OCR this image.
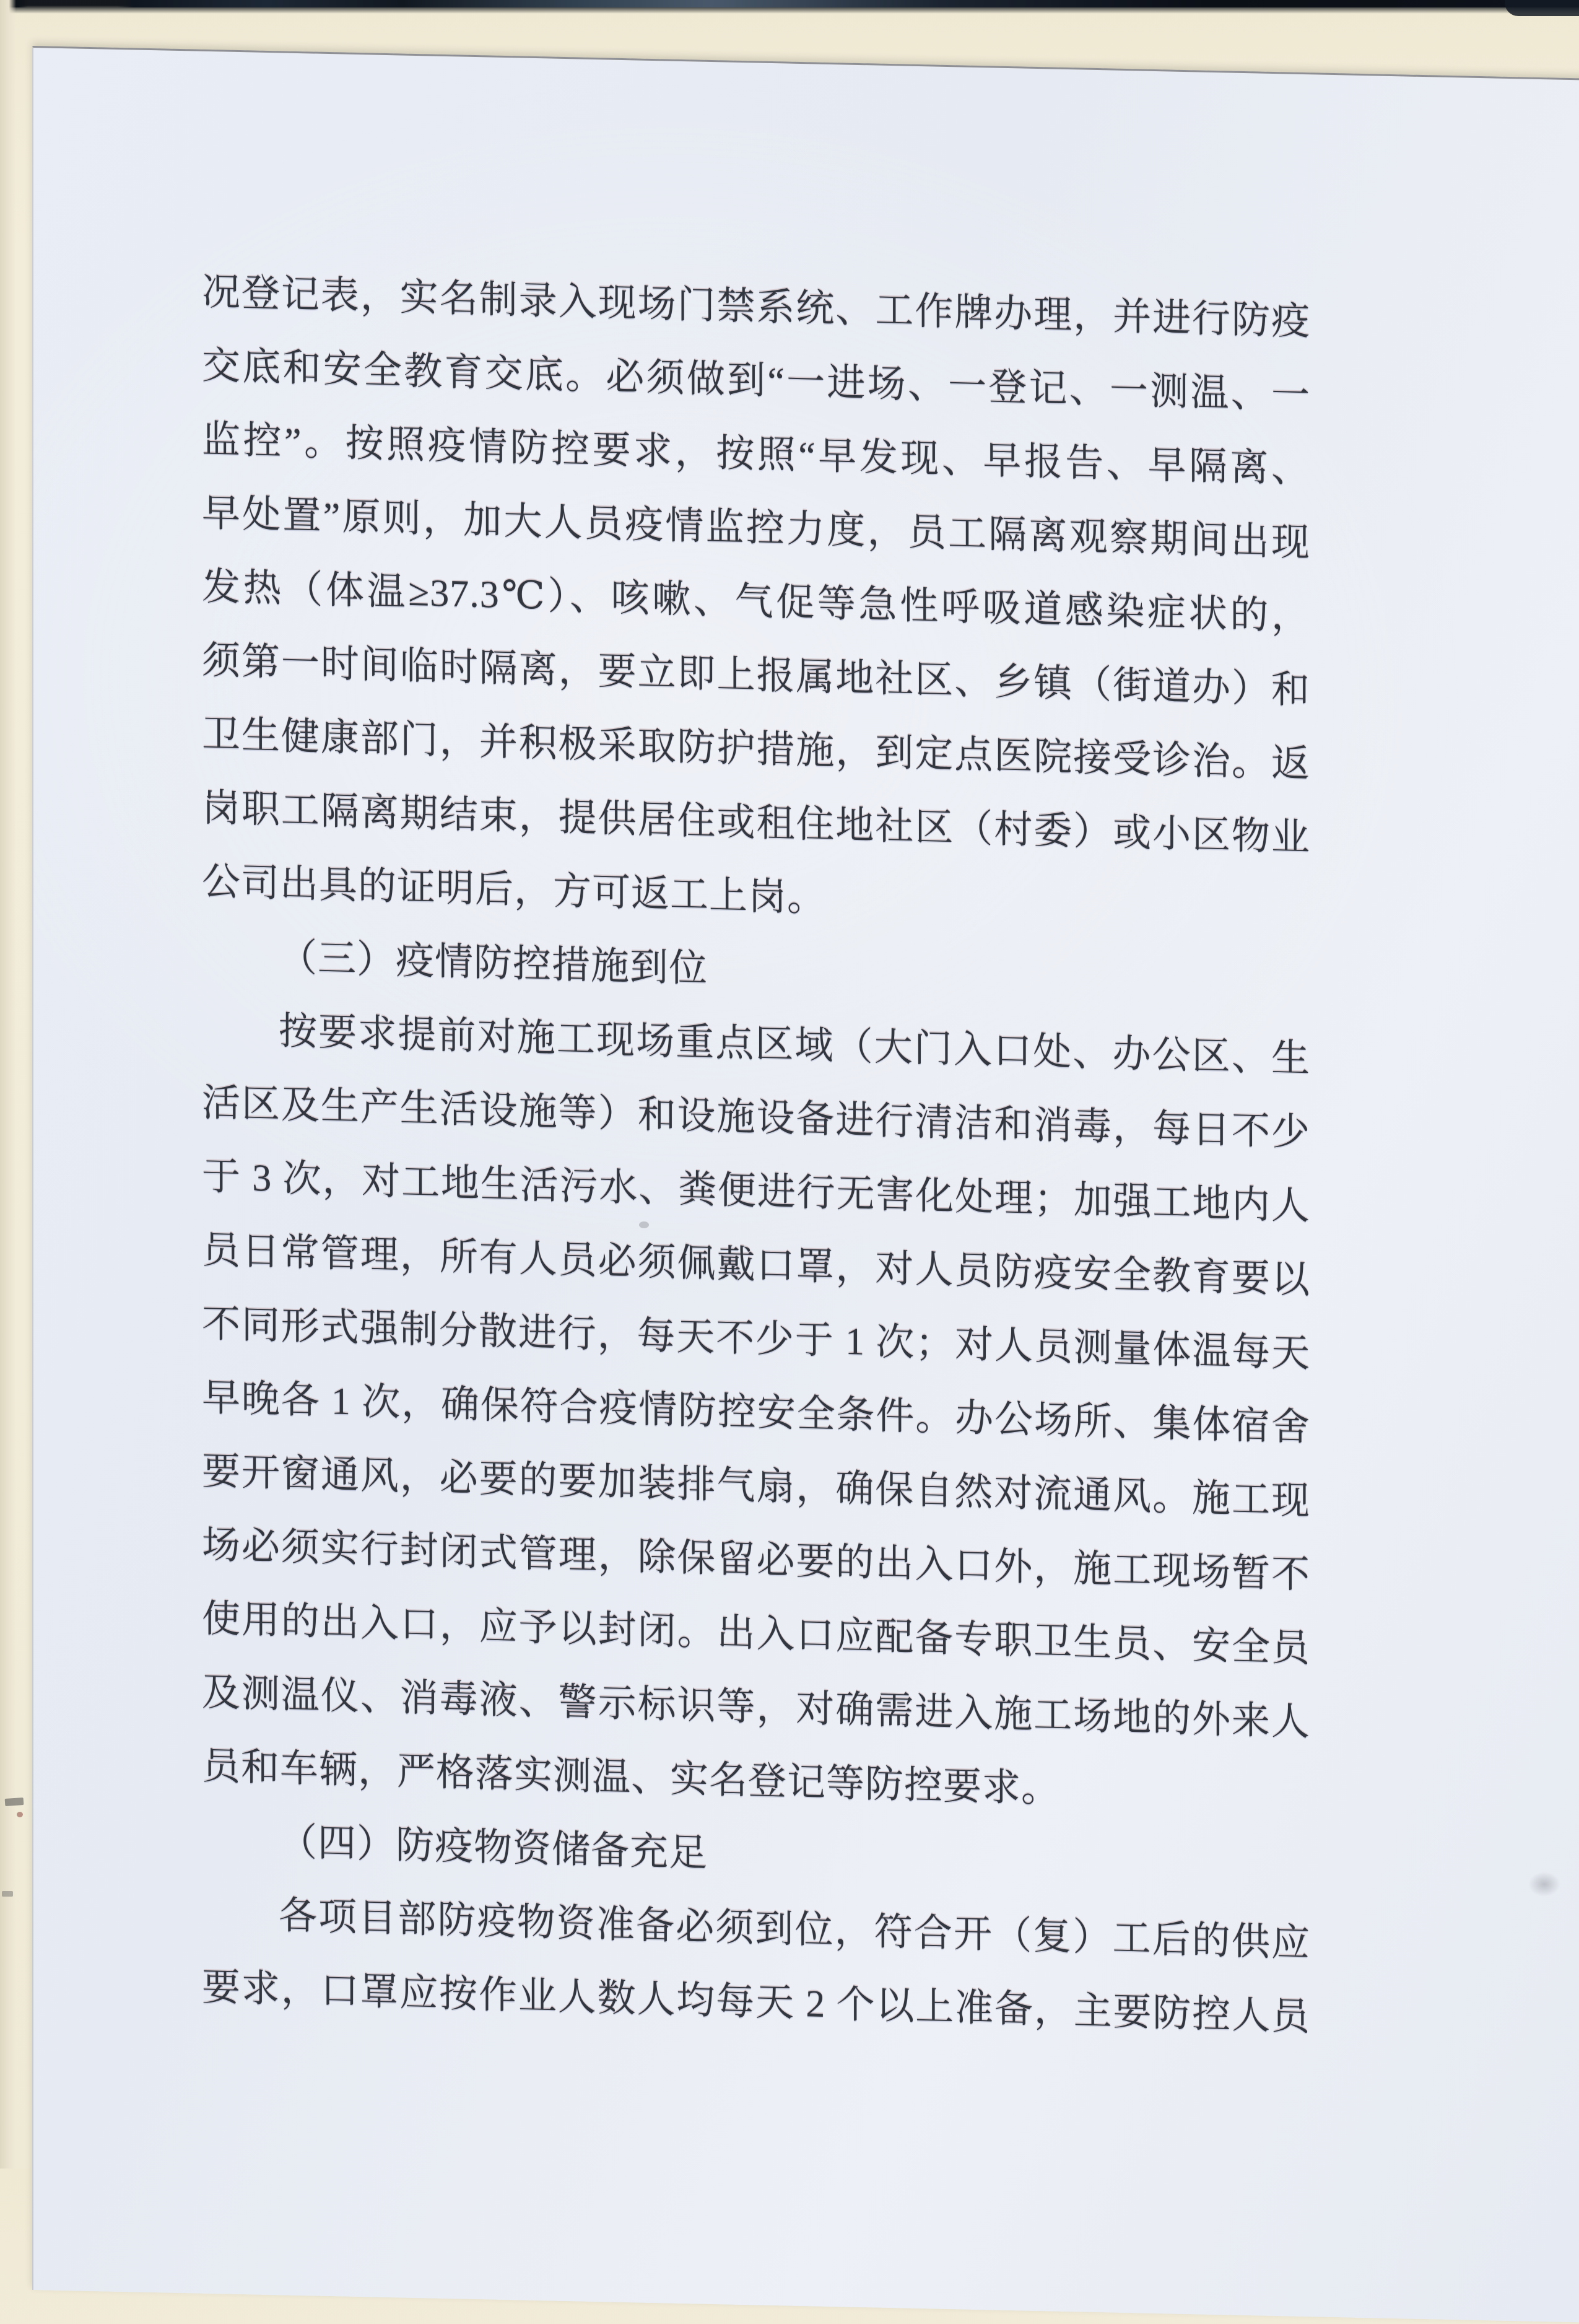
况登记表，实名制录入现场门禁系统、工作牌办理，并进行防疫
交底和安全教育交底。必须做到“一进场、一登记、一测温、一
监控”。按照疫情防控要求，按照“早发现、早报告、早隔离、
早处置”原则，加大人员疫情监控力度，员工隔离观察期间出现
发热（体温≥37.3℃）、咳嗽、气促等急性呼吸道感染症状的，
须第一时间临时隔离，要立即上报属地社区、乡镇（街道办）和
卫生健康部门，并积极采取防护措施，到定点医院接受诊治。返
岗职工隔离期结束，提供居住或租住地社区（村委）或小区物业
公司出具的证明后，方可返工上岗。
（三）疫情防控措施到位
按要求提前对施工现场重点区域（大门入口处、办公区、生
活区及生产生活设施等）和设施设备进行清洁和消毒，每日不少
于 3 次，对工地生活污水、粪便进行无害化处理；加强工地内人
员日常管理，所有人员必须佩戴口罩，对人员防疫安全教育要以
不同形式强制分散进行，每天不少于 1 次；对人员测量体温每天
早晚各 1 次，确保符合疫情防控安全条件。办公场所、集体宿舍
要开窗通风，必要的要加装排气扇，确保自然对流通风。施工现
场必须实行封闭式管理，除保留必要的出入口外，施工现场暂不
使用的出入口，应予以封闭。出入口应配备专职卫生员、安全员
及测温仪、消毒液、警示标识等，对确需进入施工场地的外来人
员和车辆，严格落实测温、实名登记等防控要求。
（四）防疫物资储备充足
各项目部防疫物资准备必须到位，符合开（复）工后的供应
要求，口罩应按作业人数人均每天 2 个以上准备，主要防控人员
